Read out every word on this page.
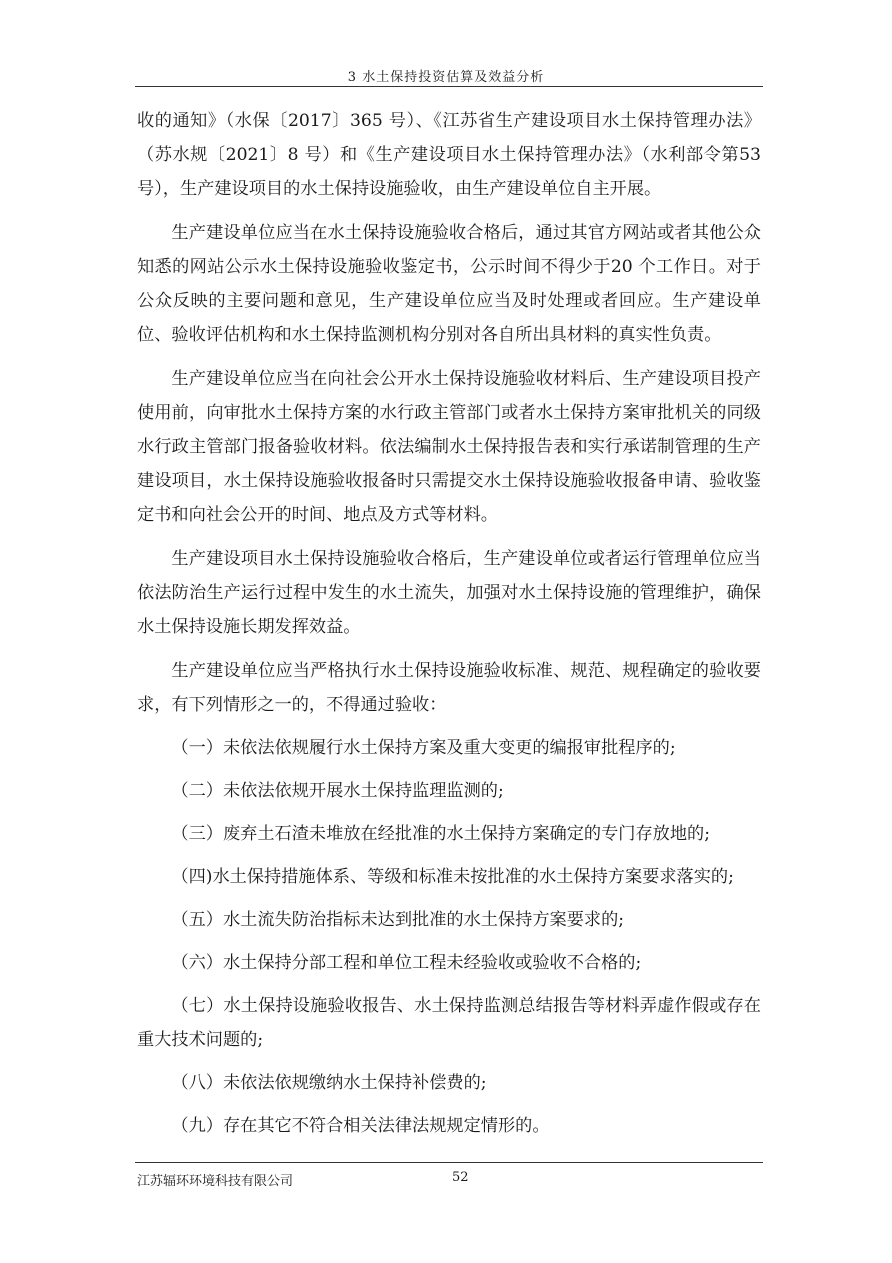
3 水土保持投资估算及效益分析

收的通知》（水保〔2017〕365 号）、《江苏省生产建设项目水土保持管理办法》（苏水规〔2021〕8 号）和《生产建设项目水土保持管理办法》（水利部令第53号），生产建设项目的水土保持设施验收，由生产建设单位自主开展。

生产建设单位应当在水土保持设施验收合格后，通过其官方网站或者其他公众知悉的网站公示水土保持设施验收鉴定书，公示时间不得少于20 个工作日。对于公众反映的主要问题和意见，生产建设单位应当及时处理或者回应。生产建设单位、验收评估机构和水土保持监测机构分别对各自所出具材料的真实性负责。

生产建设单位应当在向社会公开水土保持设施验收材料后、生产建设项目投产使用前，向审批水土保持方案的水行政主管部门或者水土保持方案审批机关的同级水行政主管部门报备验收材料。依法编制水土保持报告表和实行承诺制管理的生产建设项目，水土保持设施验收报备时只需提交水土保持设施验收报备申请、验收鉴定书和向社会公开的时间、地点及方式等材料。

生产建设项目水土保持设施验收合格后，生产建设单位或者运行管理单位应当依法防治生产运行过程中发生的水土流失，加强对水土保持设施的管理维护，确保水土保持设施长期发挥效益。

生产建设单位应当严格执行水土保持设施验收标准、规范、规程确定的验收要求，有下列情形之一的，不得通过验收：

（一）未依法依规履行水土保持方案及重大变更的编报审批程序的;

（二）未依法依规开展水土保持监理监测的;

（三）废弃土石渣未堆放在经批准的水土保持方案确定的专门存放地的;

（四)水土保持措施体系、等级和标准未按批准的水土保持方案要求落实的;

（五）水土流失防治指标未达到批准的水土保持方案要求的;

（六）水土保持分部工程和单位工程未经验收或验收不合格的;

（七）水土保持设施验收报告、水土保持监测总结报告等材料弄虚作假或存在重大技术问题的;

（八）未依法依规缴纳水土保持补偿费的;

（九）存在其它不符合相关法律法规规定情形的。

江苏辐环环境科技有限公司	52
